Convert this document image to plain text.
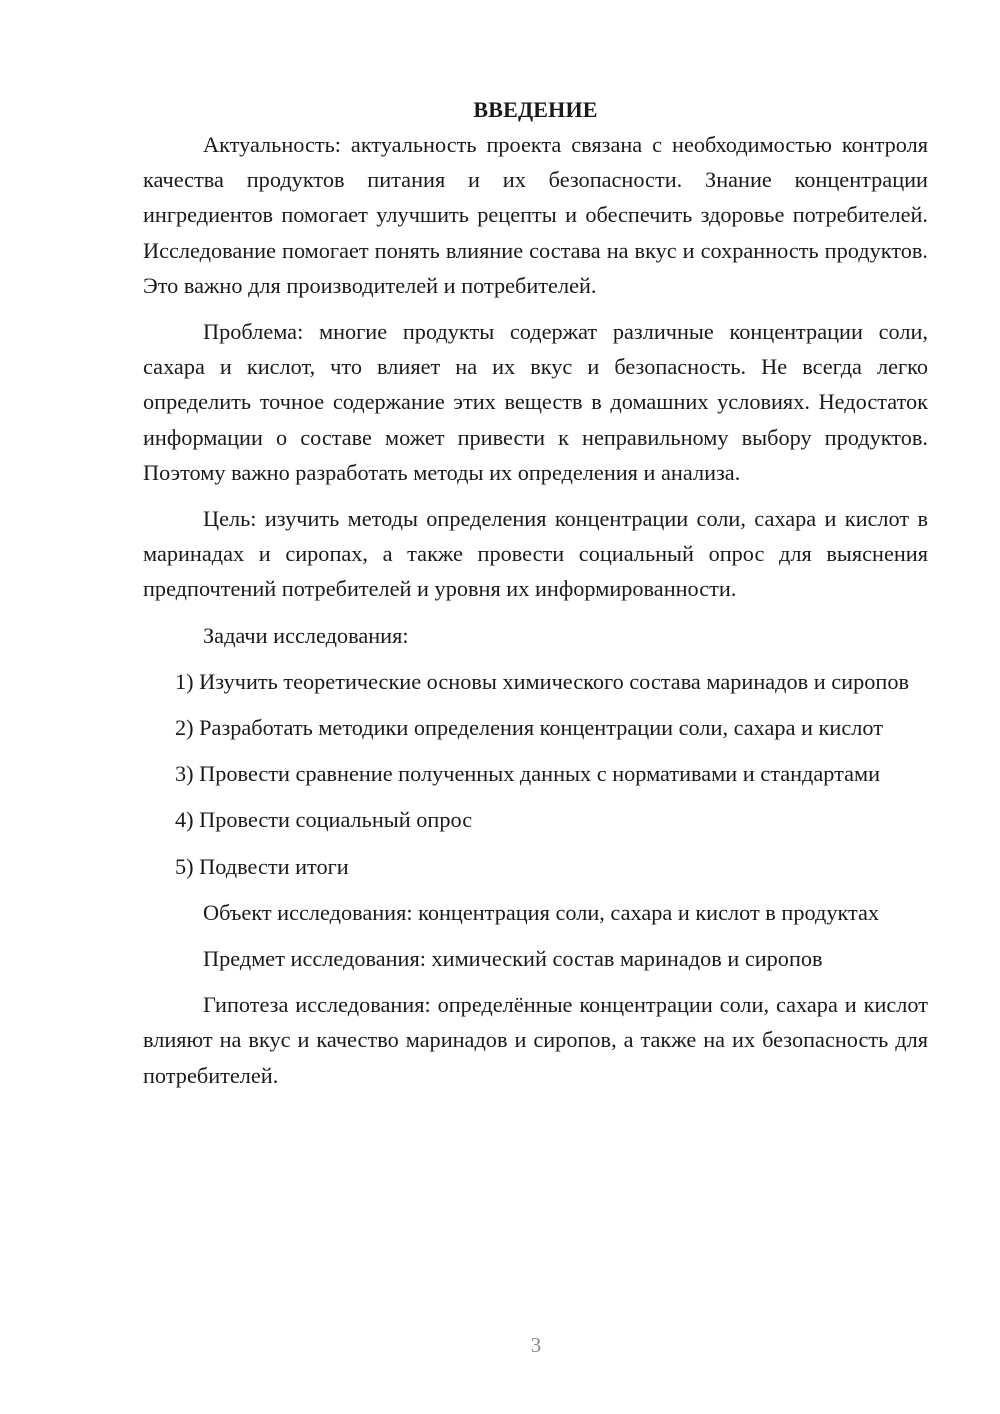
ВВЕДЕНИЕ

Актуальность: актуальность проекта связана с необходимостью контроля качества продуктов питания и их безопасности. Знание концентрации ингредиентов помогает улучшить рецепты и обеспечить здоровье потребителей. Исследование помогает понять влияние состава на вкус и сохранность продуктов. Это важно для производителей и потребителей.

Проблема: многие продукты содержат различные концентрации соли, сахара и кислот, что влияет на их вкус и безопасность. Не всегда легко определить точное содержание этих веществ в домашних условиях. Недостаток информации о составе может привести к неправильному выбору продуктов. Поэтому важно разработать методы их определения и анализа.

Цель: изучить методы определения концентрации соли, сахара и кислот в маринадах и сиропах, а также провести социальный опрос для выяснения предпочтений потребителей и уровня их информированности.

Задачи исследования:

1) Изучить теоретические основы химического состава маринадов и сиропов

2) Разработать методики определения концентрации соли, сахара и кислот

3) Провести сравнение полученных данных с нормативами и стандартами

4) Провести социальный опрос

5) Подвести итоги

Объект исследования: концентрация соли, сахара и кислот в продуктах

Предмет исследования: химический состав маринадов и сиропов

Гипотеза исследования: определённые концентрации соли, сахара и кислот влияют на вкус и качество маринадов и сиропов, а также на их безопасность для потребителей.

3
